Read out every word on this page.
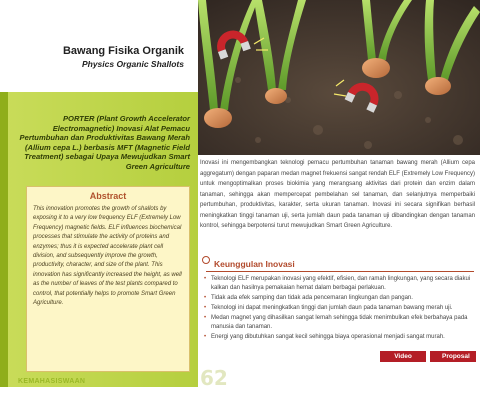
Bawang Fisika Organik
Physics Organic Shallots
PORTER (Plant Growth Accelerator Electromagnetic) Inovasi Alat Pemacu Pertumbuhan dan Produktivitas Bawang Merah (Allium cepa L.) berbasis MFT (Magnetic Field Treatment) sebagai Upaya Mewujudkan Smart Green Agriculture
Abstract
This innovation promotes the growth of shallots by exposing it to a very low frequency ELF (Extremely Low Frequency) magnetic fields. ELF influences biochemical processes that stimulate the activity of proteins and enzymes; thus it is expected accelerate plant cell division, and subsequently improve the growth, productivity, character, and size of the plant. This innovation has significantly increased the height, as well as the number of leaves of the test plants compared to control, that potentially helps to promote Smart Green Agriculture.
KEMAHASISWAAN	62
Inovasi ini mengembangkan teknologi pemacu pertumbuhan tanaman bawang merah (Allium cepa aggregatum) dengan paparan medan magnet frekuensi sangat rendah ELF (Extremely Low Frequency) untuk mengoptimalkan proses biokimia yang merangsang aktivitas dari protein dan enzim dalam tanaman, sehingga akan mempercepat pembelahan sel tanaman, dan selanjutnya memperbaiki pertumbuhan, produktivitas, karakter, serta ukuran tanaman. Inovasi ini secara signifikan berhasil meningkatkan tinggi tanaman uji, serta jumlah daun pada tanaman uji dibandingkan dengan tanaman kontrol, sehingga berpotensi turut mewujudkan Smart Green Agriculture.
Keunggulan Inovasi
• Teknologi ELF merupakan inovasi yang efektif, efisien, dan ramah lingkungan, yang secara diakui kalkan dan hasilnya pemakaian hemat dalam berbagai perlakuan.
• Tidak ada efek samping dan tidak ada pencemaran lingkungan dan pangan.
• Teknologi ini dapat meningkatkan tinggi dan jumlah daun pada tanaman bawang merah uji.
• Medan magnet yang dihasilkan sangat lemah sehingga tidak menimbulkan efek berbahaya pada manusia dan tanaman.
• Energi yang dibutuhkan sangat kecil sehingga biaya operasional menjadi sangat murah.
Video	Proposal
